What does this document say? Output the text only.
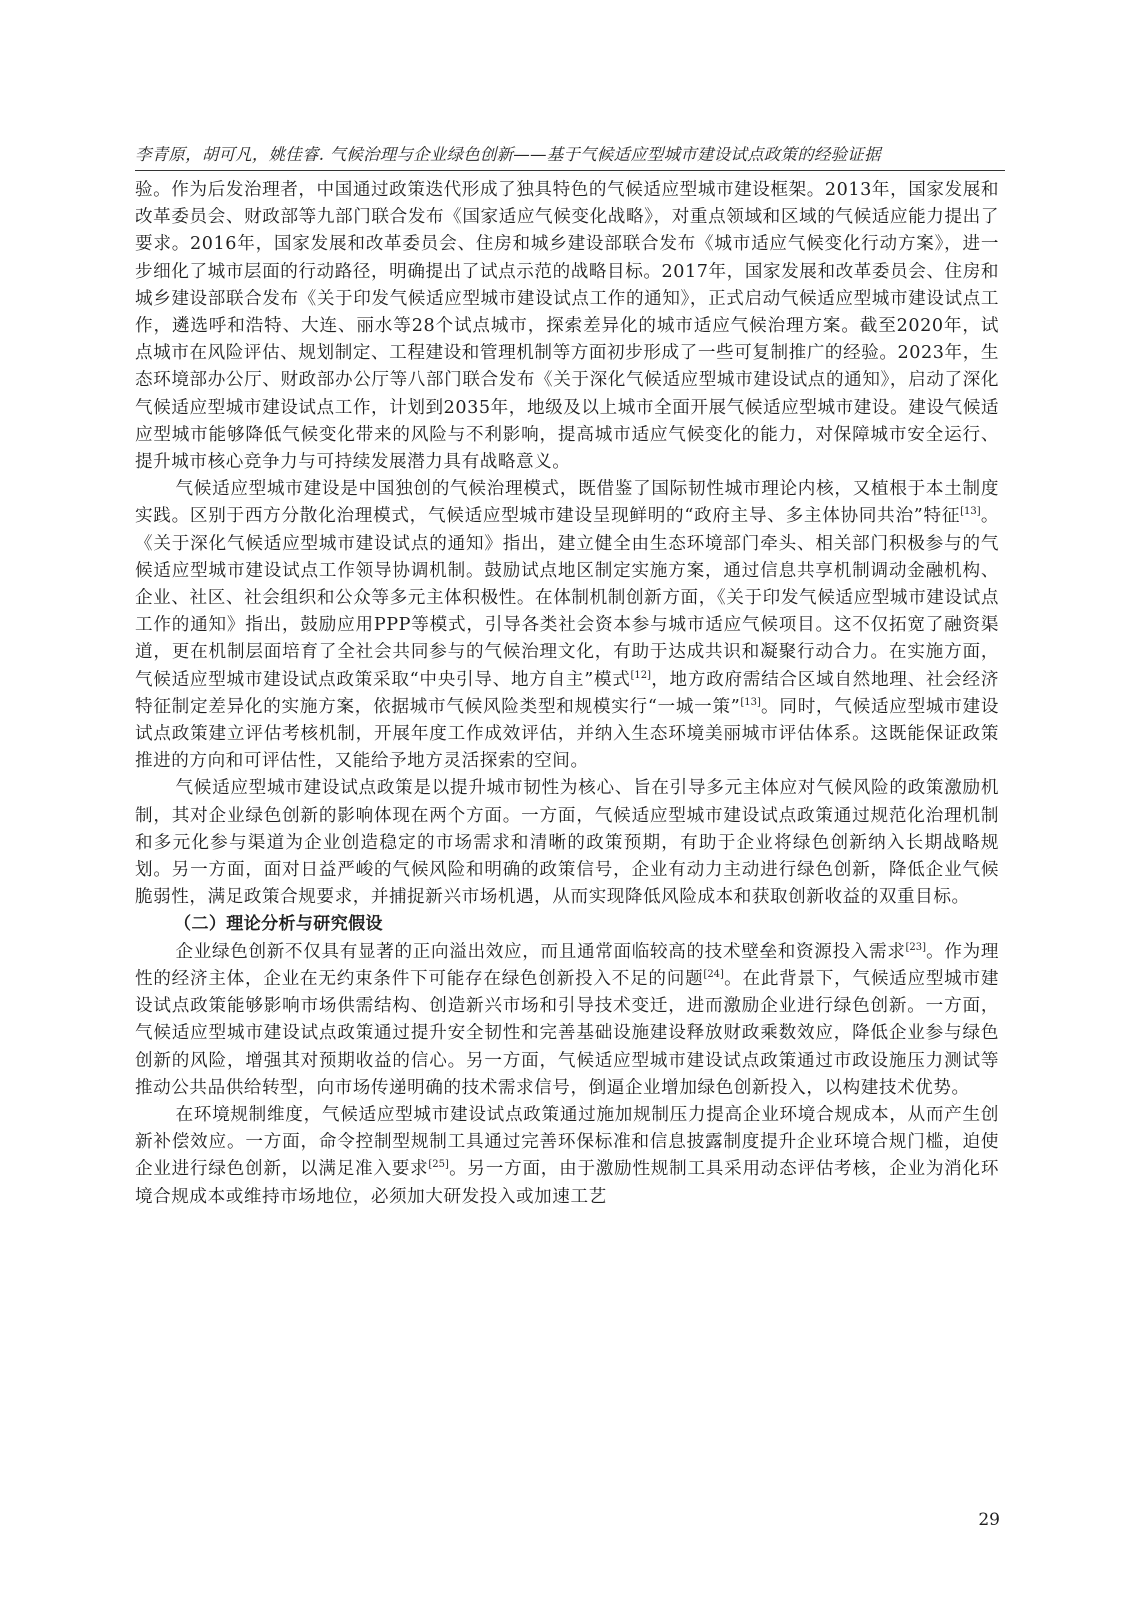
李青原，胡可凡，姚佳睿. 气候治理与企业绿色创新——基于气候适应型城市建设试点政策的经验证据

验。作为后发治理者，中国通过政策迭代形成了独具特色的气候适应型城市建设框架。2013年，国家发展和改革委员会、财政部等九部门联合发布《国家适应气候变化战略》，对重点领域和区域的气候适应能力提出了要求。2016年，国家发展和改革委员会、住房和城乡建设部联合发布《城市适应气候变化行动方案》，进一步细化了城市层面的行动路径，明确提出了试点示范的战略目标。2017年，国家发展和改革委员会、住房和城乡建设部联合发布《关于印发气候适应型城市建设试点工作的通知》，正式启动气候适应型城市建设试点工作，遴选呼和浩特、大连、丽水等28个试点城市，探索差异化的城市适应气候治理方案。截至2020年，试点城市在风险评估、规划制定、工程建设和管理机制等方面初步形成了一些可复制推广的经验。2023年，生态环境部办公厅、财政部办公厅等八部门联合发布《关于深化气候适应型城市建设试点的通知》，启动了深化气候适应型城市建设试点工作，计划到2035年，地级及以上城市全面开展气候适应型城市建设。建设气候适应型城市能够降低气候变化带来的风险与不利影响，提高城市适应气候变化的能力，对保障城市安全运行、提升城市核心竞争力与可持续发展潜力具有战略意义。

气候适应型城市建设是中国独创的气候治理模式，既借鉴了国际韧性城市理论内核，又植根于本土制度实践。区别于西方分散化治理模式，气候适应型城市建设呈现鲜明的“政府主导、多主体协同共治”特征[13]。《关于深化气候适应型城市建设试点的通知》指出，建立健全由生态环境部门牵头、相关部门积极参与的气候适应型城市建设试点工作领导协调机制。鼓励试点地区制定实施方案，通过信息共享机制调动金融机构、企业、社区、社会组织和公众等多元主体积极性。在体制机制创新方面，《关于印发气候适应型城市建设试点工作的通知》指出，鼓励应用PPP等模式，引导各类社会资本参与城市适应气候项目。这不仅拓宽了融资渠道，更在机制层面培育了全社会共同参与的气候治理文化，有助于达成共识和凝聚行动合力。在实施方面，气候适应型城市建设试点政策采取“中央引导、地方自主”模式[12]，地方政府需结合区域自然地理、社会经济特征制定差异化的实施方案，依据城市气候风险类型和规模实行“一城一策”[13]。同时，气候适应型城市建设试点政策建立评估考核机制，开展年度工作成效评估，并纳入生态环境美丽城市评估体系。这既能保证政策推进的方向和可评估性，又能给予地方灵活探索的空间。

气候适应型城市建设试点政策是以提升城市韧性为核心、旨在引导多元主体应对气候风险的政策激励机制，其对企业绿色创新的影响体现在两个方面。一方面，气候适应型城市建设试点政策通过规范化治理机制和多元化参与渠道为企业创造稳定的市场需求和清晰的政策预期，有助于企业将绿色创新纳入长期战略规划。另一方面，面对日益严峻的气候风险和明确的政策信号，企业有动力主动进行绿色创新，降低企业气候脆弱性，满足政策合规要求，并捕捉新兴市场机遇，从而实现降低风险成本和获取创新收益的双重目标。

（二）理论分析与研究假设

企业绿色创新不仅具有显著的正向溢出效应，而且通常面临较高的技术壁垒和资源投入需求[23]。作为理性的经济主体，企业在无约束条件下可能存在绿色创新投入不足的问题[24]。在此背景下，气候适应型城市建设试点政策能够影响市场供需结构、创造新兴市场和引导技术变迁，进而激励企业进行绿色创新。一方面，气候适应型城市建设试点政策通过提升安全韧性和完善基础设施建设释放财政乘数效应，降低企业参与绿色创新的风险，增强其对预期收益的信心。另一方面，气候适应型城市建设试点政策通过市政设施压力测试等推动公共品供给转型，向市场传递明确的技术需求信号，倒逼企业增加绿色创新投入，以构建技术优势。

在环境规制维度，气候适应型城市建设试点政策通过施加规制压力提高企业环境合规成本，从而产生创新补偿效应。一方面，命令控制型规制工具通过完善环保标准和信息披露制度提升企业环境合规门槛，迫使企业进行绿色创新，以满足准入要求[25]。另一方面，由于激励性规制工具采用动态评估考核，企业为消化环境合规成本或维持市场地位，必须加大研发投入或加速工艺

29
